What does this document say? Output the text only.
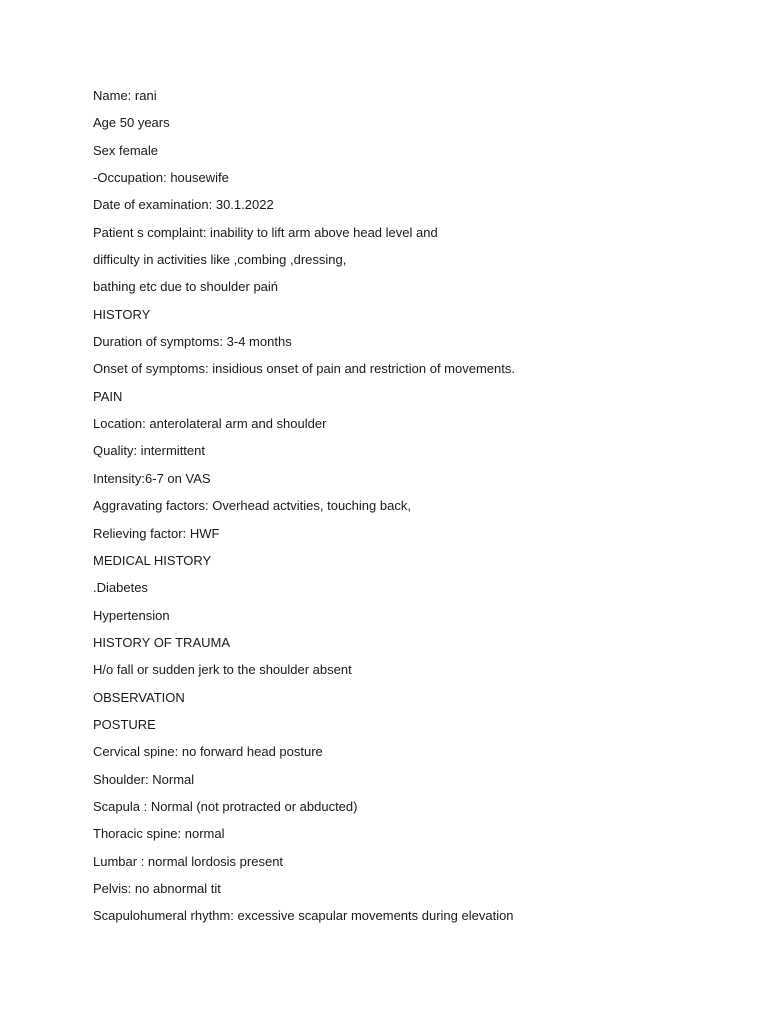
Name: rani
Age 50 years
Sex female
-Occupation: housewife
Date of examination: 30.1.2022
Patient s complaint: inability to lift arm above head level and
difficulty in activities like ,combing ,dressing,
bathing etc due to shoulder paiń
HISTORY
Duration of symptoms: 3-4 months
Onset of symptoms: insidious onset of pain and restriction of movements.
PAIN
Location: anterolateral arm and shoulder
Quality: intermittent
Intensity:6-7 on VAS
Aggravating factors: Overhead actvities, touching back,
Relieving factor: HWF
MEDICAL HISTORY
.Diabetes
Hypertension
HISTORY OF TRAUMA
H/o fall or sudden jerk to the shoulder absent
OBSERVATION
POSTURE
Cervical spine: no forward head posture
Shoulder: Normal
Scapula : Normal (not protracted or abducted)
Thoracic spine: normal
Lumbar : normal lordosis present
Pelvis: no abnormal tit
Scapulohumeral rhythm: excessive scapular movements during elevation
